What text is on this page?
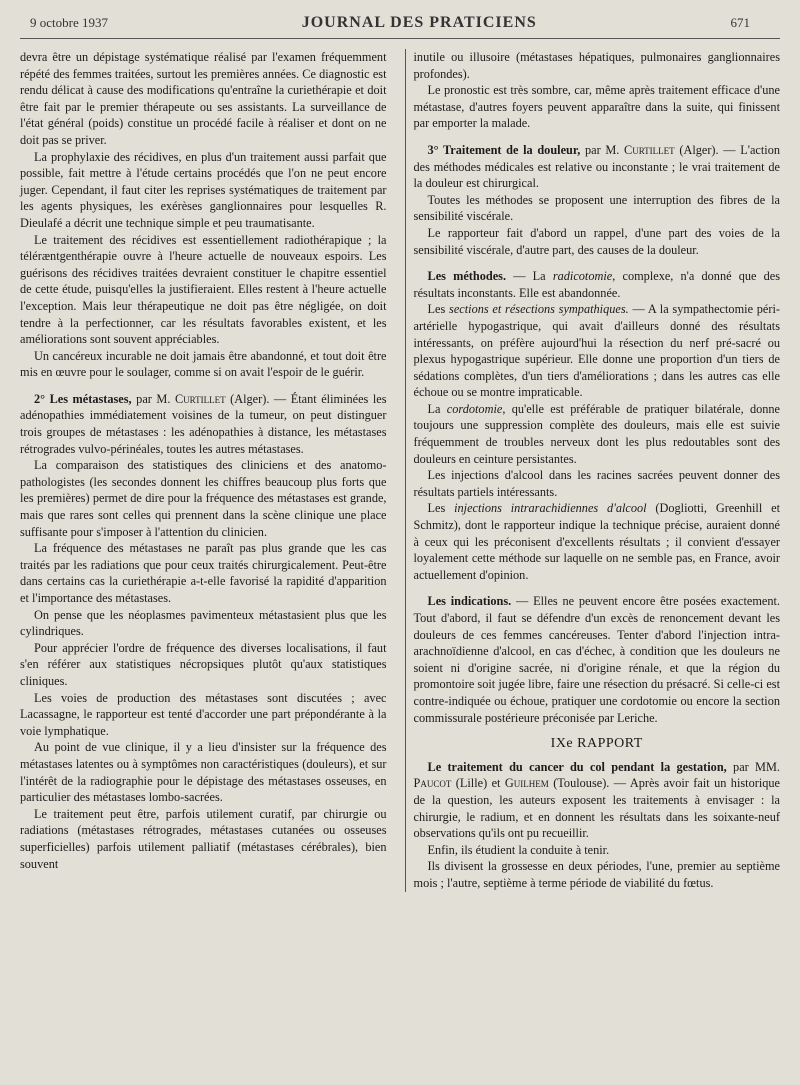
9 octobre 1937	JOURNAL DES PRATICIENS	671

devra être un dépistage systématique réalisé par l'examen fréquemment répété des femmes traitées, surtout les premières années. Ce diagnostic est rendu délicat à cause des modifications qu'entraîne la curiethérapie et doit être fait par le premier thérapeute ou ses assistants. La surveillance de l'état général (poids) constitue un procédé facile à réaliser et dont on ne doit pas se priver.

La prophylaxie des récidives, en plus d'un traitement aussi parfait que possible, fait mettre à l'étude certains procédés que l'on ne peut encore juger. Cependant, il faut citer les reprises systématiques de traitement par les agents physiques, les exérèses ganglionnaires pour lesquelles R. Dieulafé a décrit une technique simple et peu traumatisante.

Le traitement des récidives est essentiellement radiothérapique ; la téléræntgenthérapie ouvre à l'heure actuelle de nouveaux espoirs. Les guérisons des récidives traitées devraient constituer le chapitre essentiel de cette étude, puisqu'elles la justifieraient. Elles restent à l'heure actuelle l'exception. Mais leur thérapeutique ne doit pas être négligée, on doit tendre à la perfectionner, car les résultats favorables existent, et les améliorations sont souvent appréciables.

Un cancéreux incurable ne doit jamais être abandonné, et tout doit être mis en œuvre pour le soulager, comme si on avait l'espoir de le guérir.

2° Les métastases, par M. Curtillet (Alger). — Étant éliminées les adénopathies immédiatement voisines de la tumeur, on peut distinguer trois groupes de métastases : les adénopathies à distance, les métastases rétrogrades vulvo-périnéales, toutes les autres métastases.

La comparaison des statistiques des cliniciens et des anatomo-pathologistes (les secondes donnent les chiffres beaucoup plus forts que les premières) permet de dire pour la fréquence des métastases est grande, mais que rares sont celles qui prennent dans la scène clinique une place suffisante pour s'imposer à l'attention du clinicien.

La fréquence des métastases ne paraît pas plus grande que les cas traités par les radiations que pour ceux traités chirurgicalement. Peut-être dans certains cas la curiethérapie a-t-elle favorisé la rapidité d'apparition et l'importance des métastases.

On pense que les néoplasmes pavimenteux métastasient plus que les cylindriques.

Pour apprécier l'ordre de fréquence des diverses localisations, il faut s'en référer aux statistiques nécropsiques plutôt qu'aux statistiques cliniques.

Les voies de production des métastases sont discutées ; avec Lacassagne, le rapporteur est tenté d'accorder une part prépondérante à la voie lymphatique.

Au point de vue clinique, il y a lieu d'insister sur la fréquence des métastases latentes ou à symptômes non caractéristiques (douleurs), et sur l'intérêt de la radiographie pour le dépistage des métastases osseuses, en particulier des métastases lombo-sacrées.

Le traitement peut être, parfois utilement curatif, par chirurgie ou radiations (métastases rétrogrades, métastases cutanées ou osseuses superficielles) parfois utilement palliatif (métastases cérébrales), bien souvent

inutile ou illusoire (métastases hépatiques, pulmonaires ganglionnaires profondes).

Le pronostic est très sombre, car, même après traitement efficace d'une métastase, d'autres foyers peuvent apparaître dans la suite, qui finissent par emporter la malade.

3° Traitement de la douleur, par M. Curtillet (Alger). — L'action des méthodes médicales est relative ou inconstante ; le vrai traitement de la douleur est chirurgical.

Toutes les méthodes se proposent une interruption des fibres de la sensibilité viscérale.

Le rapporteur fait d'abord un rappel, d'une part des voies de la sensibilité viscérale, d'autre part, des causes de la douleur.

Les méthodes. — La radicotomie, complexe, n'a donné que des résultats inconstants. Elle est abandonnée.

Les sections et résections sympathiques. — A la sympathectomie péri-artérielle hypogastrique, qui avait d'ailleurs donné des résultats intéressants, on préfère aujourd'hui la résection du nerf pré-sacré ou plexus hypogastrique supérieur. Elle donne une proportion d'un tiers de sédations complètes, d'un tiers d'améliorations ; dans les autres cas elle échoue ou se montre impraticable.

La cordotomie, qu'elle est préférable de pratiquer bilatérale, donne toujours une suppression complète des douleurs, mais elle est suivie fréquemment de troubles nerveux dont les plus redoutables sont des douleurs en ceinture persistantes.

Les injections d'alcool dans les racines sacrées peuvent donner des résultats partiels intéressants.

Les injections intrarachidiennes d'alcool (Dogliotti, Greenhill et Schmitz), dont le rapporteur indique la technique précise, auraient donné à ceux qui les préconisent d'excellents résultats ; il convient d'essayer loyalement cette méthode sur laquelle on ne semble pas, en France, avoir actuellement d'opinion.

Les indications. — Elles ne peuvent encore être posées exactement. Tout d'abord, il faut se défendre d'un excès de renoncement devant les douleurs de ces femmes cancéreuses. Tenter d'abord l'injection intra-arachnoïdienne d'alcool, en cas d'échec, à condition que les douleurs ne soient ni d'origine sacrée, ni d'origine rénale, et que la région du promontoire soit jugée libre, faire une résection du présacré. Si celle-ci est contre-indiquée ou échoue, pratiquer une cordotomie ou encore la section commissurale postérieure préconisée par Leriche.

IXe RAPPORT

Le traitement du cancer du col pendant la gestation, par MM. Paucot (Lille) et Guilhem (Toulouse). — Après avoir fait un historique de la question, les auteurs exposent les traitements à envisager : la chirurgie, le radium, et en donnent les résultats dans les soixante-neuf observations qu'ils ont pu recueillir.

Enfin, ils étudient la conduite à tenir.

Ils divisent la grossesse en deux périodes, l'une, premier au septième mois ; l'autre, septième à terme période de viabilité du fœtus.
